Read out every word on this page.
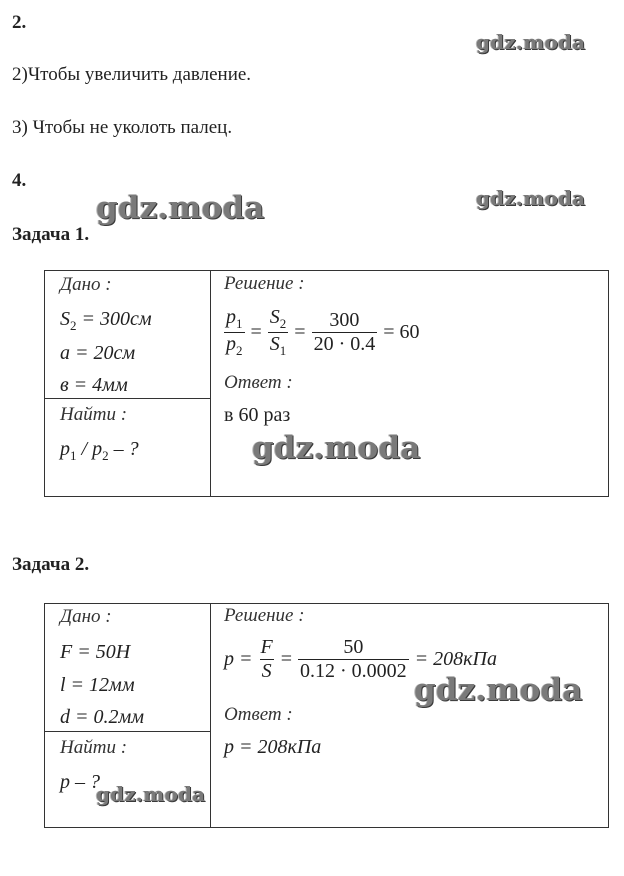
2.
2)Чтобы увеличить давление.
3) Чтобы не уколоть палец.
4.
gdz.moda
gdz.moda	gdz.moda
Задача 1.
Дано :
$S_2 = 300см$
a = 20см
в = 4мм
Найти :
$p_1 / p_2$ – ?
Решение :
$\frac{p_1}{p_2} = \frac{S_2}{S_1} = \frac{300}{20 \cdot 0.4} = 60$
Ответ :
в 60 раз
gdz.moda
Задача 2.
Дано :
F = 50H
l = 12мм
d = 0.2мм
Найти :
p – ?
gdz.moda
Решение :
$p = \frac{F}{S} = \frac{50}{0.12 \cdot 0.0002} = 208кПа$
gdz.moda
Ответ :
p = 208кПа
